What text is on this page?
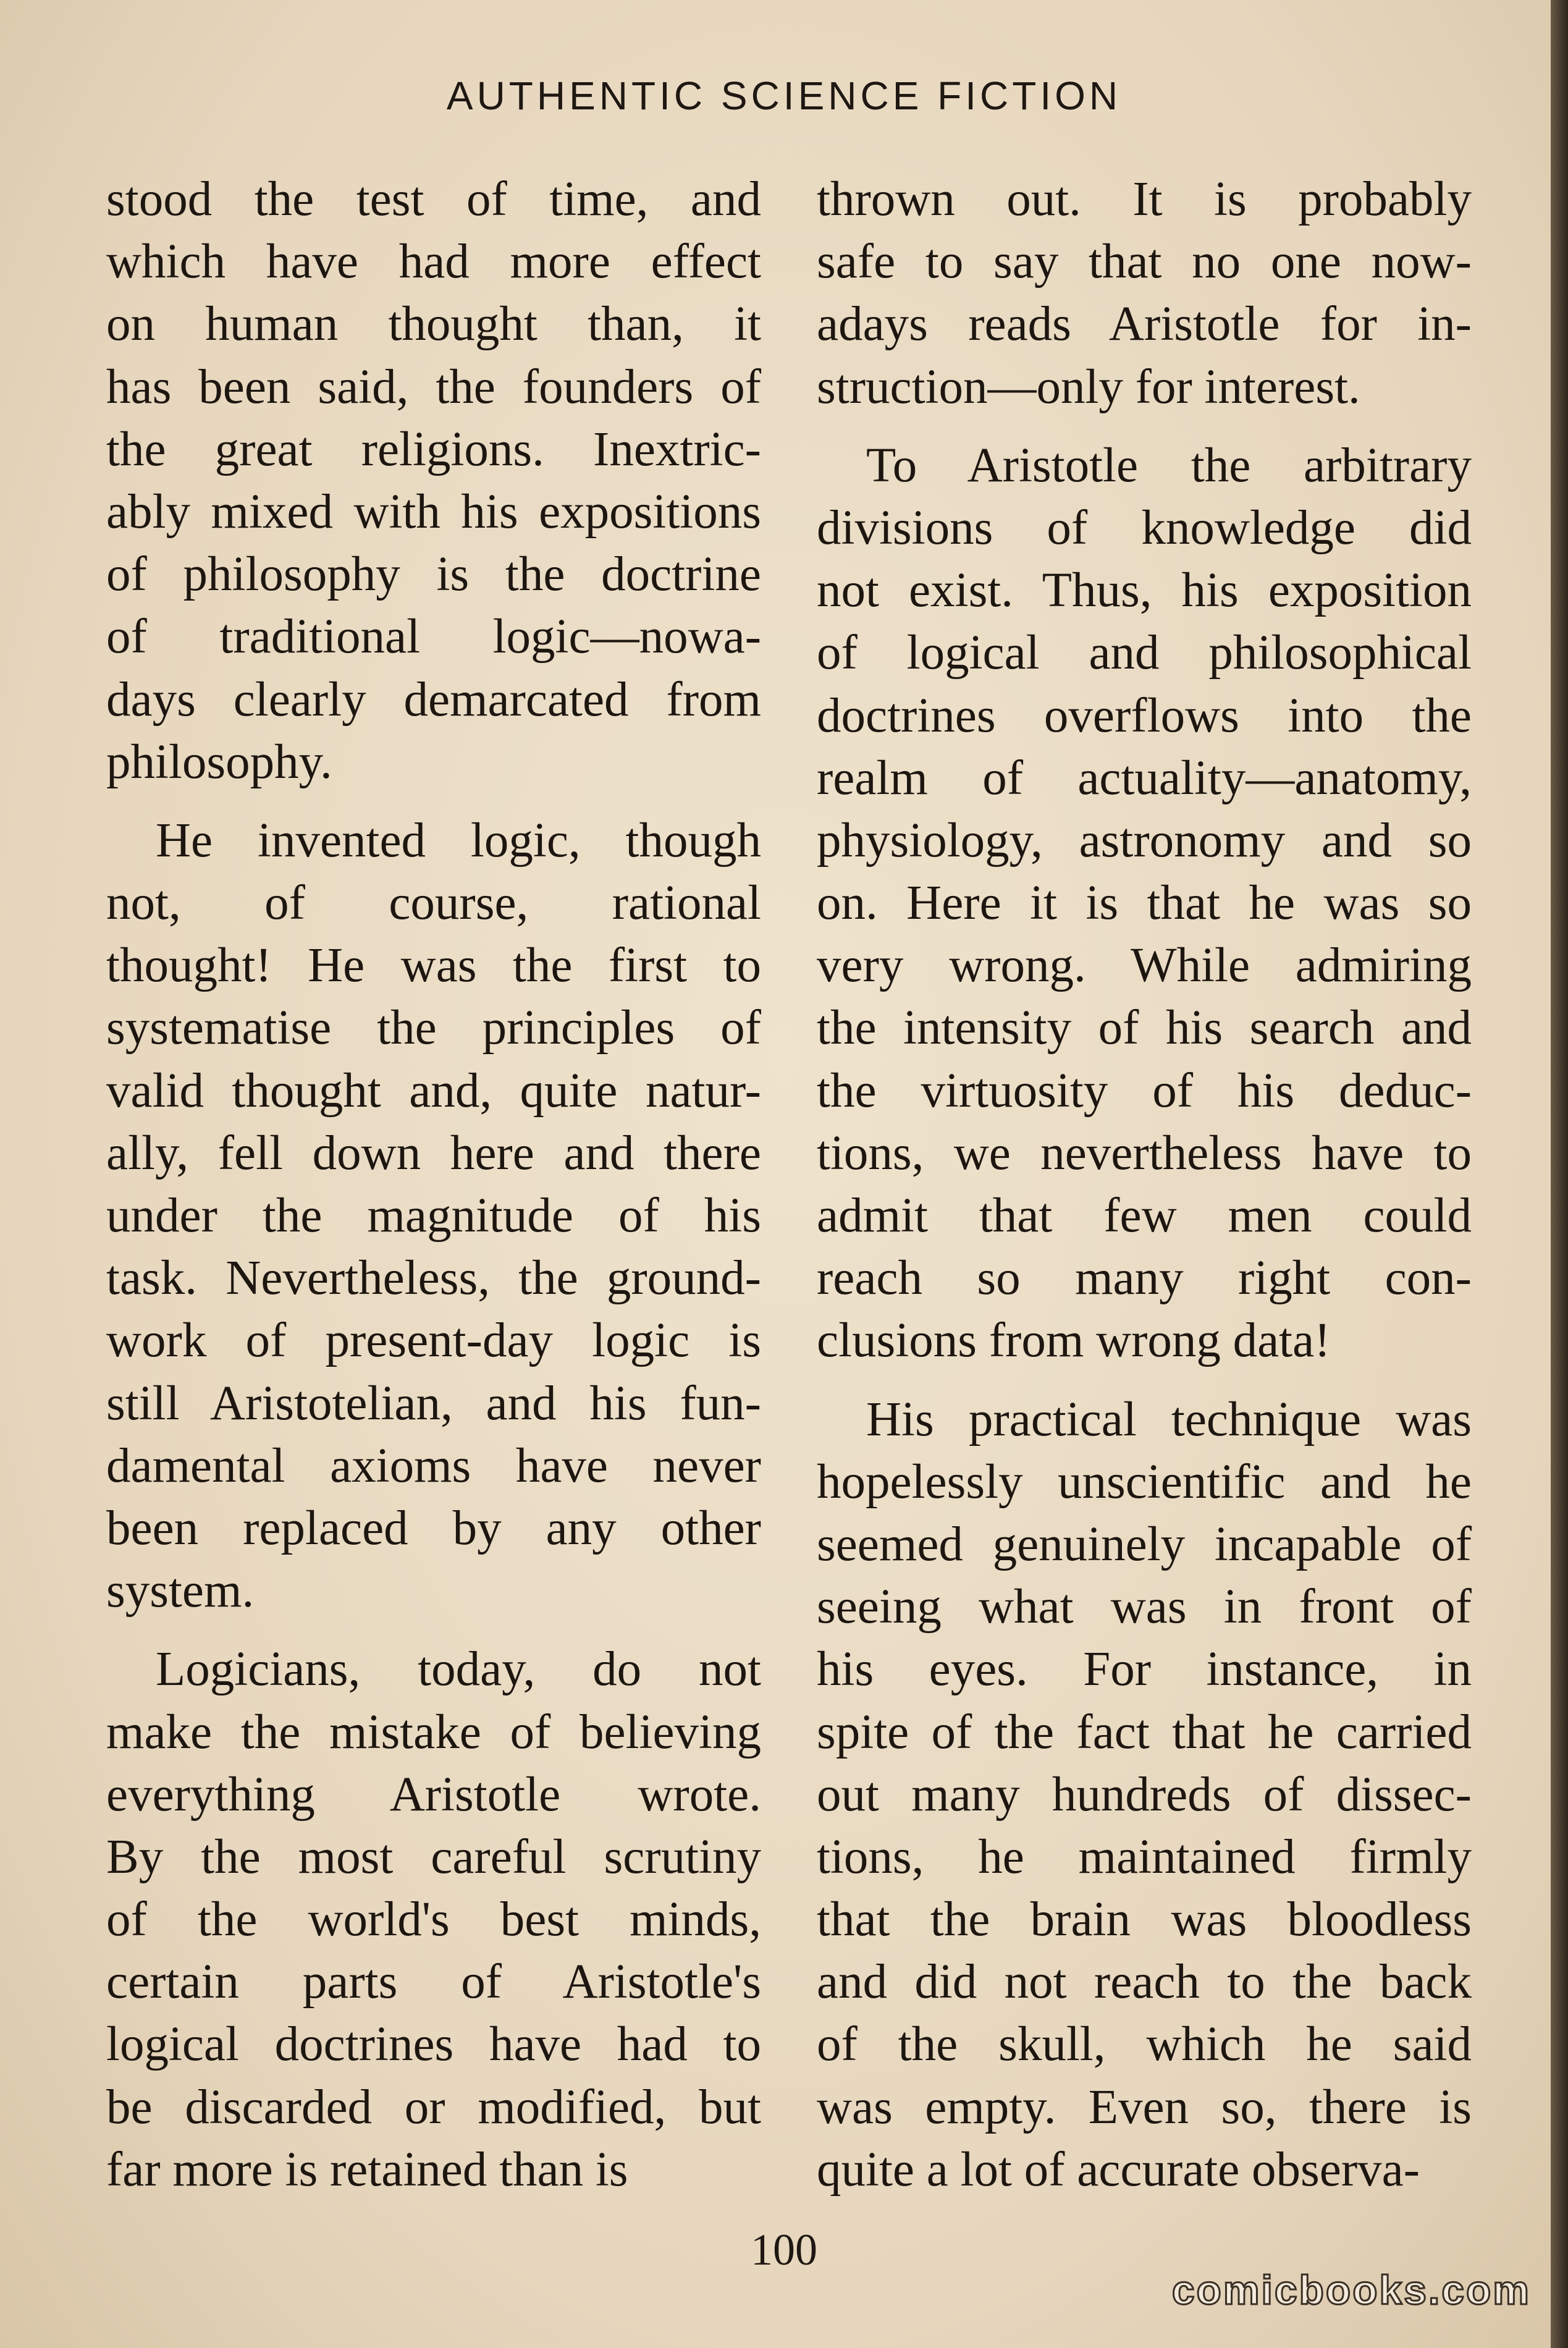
AUTHENTIC SCIENCE FICTION
stood the test of time, and
which have had more effect
on human thought than, it
has been said, the founders of
the great religions. Inextric-
ably mixed with his expositions
of philosophy is the doctrine
of traditional logic—nowa-
days clearly demarcated from
philosophy.
He invented logic, though
not, of course, rational
thought! He was the first to
systematise the principles of
valid thought and, quite natur-
ally, fell down here and there
under the magnitude of his
task. Nevertheless, the ground-
work of present-day logic is
still Aristotelian, and his fun-
damental axioms have never
been replaced by any other
system.
Logicians, today, do not
make the mistake of believing
everything Aristotle wrote.
By the most careful scrutiny
of the world's best minds,
certain parts of Aristotle's
logical doctrines have had to
be discarded or modified, but
far more is retained than is
thrown out. It is probably
safe to say that no one now-
adays reads Aristotle for in-
struction—only for interest.
To Aristotle the arbitrary
divisions of knowledge did
not exist. Thus, his exposition
of logical and philosophical
doctrines overflows into the
realm of actuality—anatomy,
physiology, astronomy and so
on. Here it is that he was so
very wrong. While admiring
the intensity of his search and
the virtuosity of his deduc-
tions, we nevertheless have to
admit that few men could
reach so many right con-
clusions from wrong data!
His practical technique was
hopelessly unscientific and he
seemed genuinely incapable of
seeing what was in front of
his eyes. For instance, in
spite of the fact that he carried
out many hundreds of dissec-
tions, he maintained firmly
that the brain was bloodless
and did not reach to the back
of the skull, which he said
was empty. Even so, there is
quite a lot of accurate observa-
100
comicbooks.com
